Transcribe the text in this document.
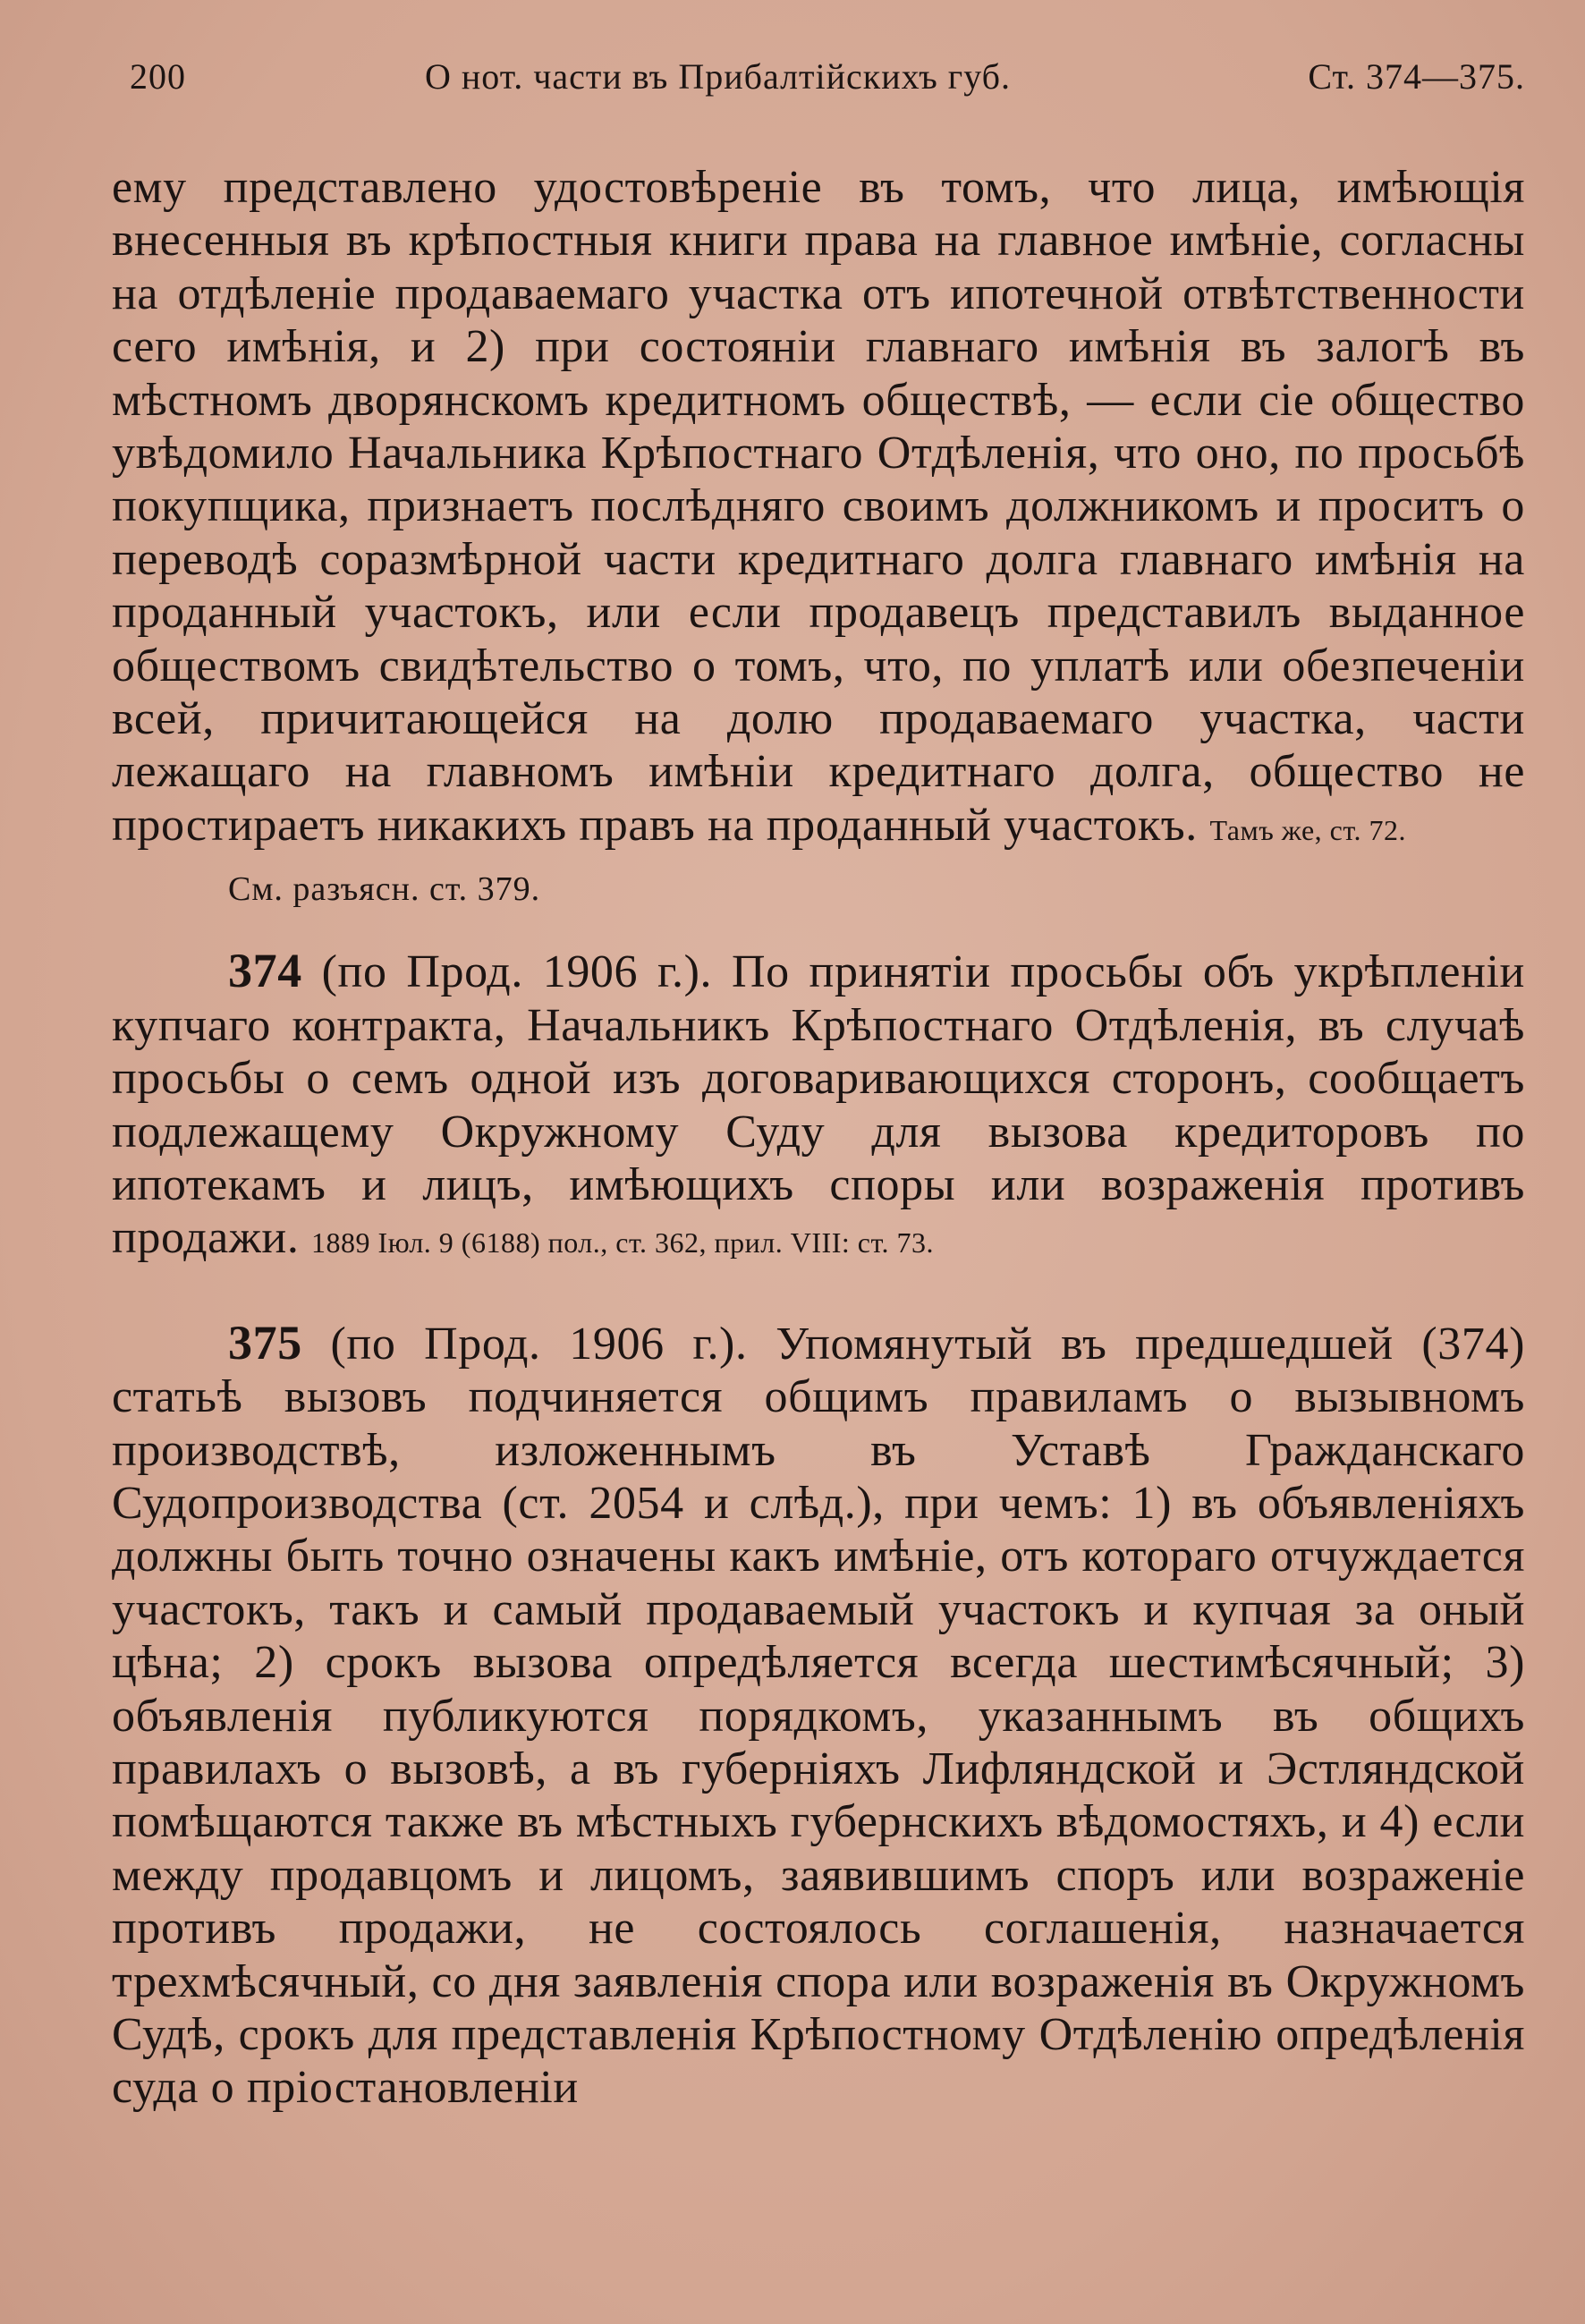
200	О нот. части въ Прибалтійскихъ губ.	Ст. 374—375.

ему представлено удостовѣреніе въ томъ, что лица, имѣющія внесенныя въ крѣпостныя книги права на главное имѣніе, согласны на отдѣленіе продаваемаго участка отъ ипотечной отвѣтственности сего имѣнія, и 2) при состояніи главнаго имѣнія въ залогѣ въ мѣстномъ дворянскомъ кредитномъ обществѣ, — если сіе общество увѣдомило Начальника Крѣпостнаго Отдѣленія, что оно, по просьбѣ покупщика, признаетъ послѣдняго своимъ должникомъ и проситъ о переводѣ соразмѣрной части кредитнаго долга главнаго имѣнія на проданный участокъ, или если продавецъ представилъ выданное обществомъ свидѣтельство о томъ, что, по уплатѣ или обезпеченіи всей, причитающейся на долю продаваемаго участка, части лежащаго на главномъ имѣніи кредитнаго долга, общество не простираетъ никакихъ правъ на проданный участокъ. Тамъ же, ст. 72.

См. разъясн. ст. 379.

374 (по Прод. 1906 г.). По принятіи просьбы объ укрѣпленіи купчаго контракта, Начальникъ Крѣпостнаго Отдѣленія, въ случаѣ просьбы о семъ одной изъ договаривающихся сторонъ, сообщаетъ подлежащему Окружному Суду для вызова кредиторовъ по ипотекамъ и лицъ, имѣющихъ споры или возраженія противъ продажи. 1889 Іюл. 9 (6188) пол., ст. 362, прил. VIII: ст. 73.

375 (по Прод. 1906 г.). Упомянутый въ предшедшей (374) статьѣ вызовъ подчиняется общимъ правиламъ о вызывномъ производствѣ, изложеннымъ въ Уставѣ Гражданскаго Судопроизводства (ст. 2054 и слѣд.), при чемъ: 1) въ объявленіяхъ должны быть точно означены какъ имѣніе, отъ котораго отчуждается участокъ, такъ и самый продаваемый участокъ и купчая за оный цѣна; 2) срокъ вызова опредѣляется всегда шестимѣсячный; 3) объявленія публикуются порядкомъ, указаннымъ въ общихъ правилахъ о вызовѣ, а въ губерніяхъ Лифляндской и Эстляндской помѣщаются также въ мѣстныхъ губернскихъ вѣдомостяхъ, и 4) если между продавцомъ и лицомъ, заявившимъ споръ или возраженіе противъ продажи, не состоялось соглашенія, назначается трехмѣсячный, со дня заявленія спора или возраженія въ Окружномъ Судѣ, срокъ для представленія Крѣпостному Отдѣленію опредѣленія суда о пріостановленіи
